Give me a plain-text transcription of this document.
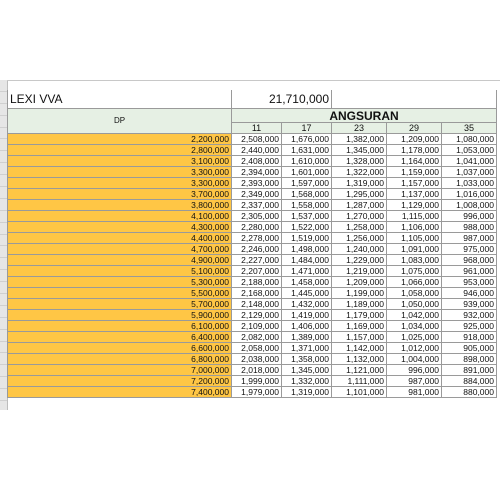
LEXI VVA	21,710,000				
DP	ANGSURAN				
	11	17	23	29	35
2,200,000	2,508,000	1,676,000	1,382,000	1,209,000	1,080,000
2,800,000	2,440,000	1,631,000	1,345,000	1,178,000	1,053,000
3,100,000	2,408,000	1,610,000	1,328,000	1,164,000	1,041,000
3,300,000	2,394,000	1,601,000	1,322,000	1,159,000	1,037,000
3,300,000	2,393,000	1,597,000	1,319,000	1,157,000	1,033,000
3,700,000	2,349,000	1,568,000	1,295,000	1,137,000	1,016,000
3,800,000	2,337,000	1,558,000	1,287,000	1,129,000	1,008,000
4,100,000	2,305,000	1,537,000	1,270,000	1,115,000	996,000
4,300,000	2,280,000	1,522,000	1,258,000	1,106,000	988,000
4,400,000	2,278,000	1,519,000	1,256,000	1,105,000	987,000
4,700,000	2,246,000	1,498,000	1,240,000	1,091,000	975,000
4,900,000	2,227,000	1,484,000	1,229,000	1,083,000	968,000
5,100,000	2,207,000	1,471,000	1,219,000	1,075,000	961,000
5,300,000	2,188,000	1,458,000	1,209,000	1,066,000	953,000
5,500,000	2,168,000	1,445,000	1,199,000	1,058,000	946,000
5,700,000	2,148,000	1,432,000	1,189,000	1,050,000	939,000
5,900,000	2,129,000	1,419,000	1,179,000	1,042,000	932,000
6,100,000	2,109,000	1,406,000	1,169,000	1,034,000	925,000
6,400,000	2,082,000	1,389,000	1,157,000	1,025,000	918,000
6,600,000	2,058,000	1,371,000	1,142,000	1,012,000	905,000
6,800,000	2,038,000	1,358,000	1,132,000	1,004,000	898,000
7,000,000	2,018,000	1,345,000	1,121,000	996,000	891,000
7,200,000	1,999,000	1,332,000	1,111,000	987,000	884,000
7,400,000	1,979,000	1,319,000	1,101,000	981,000	880,000
